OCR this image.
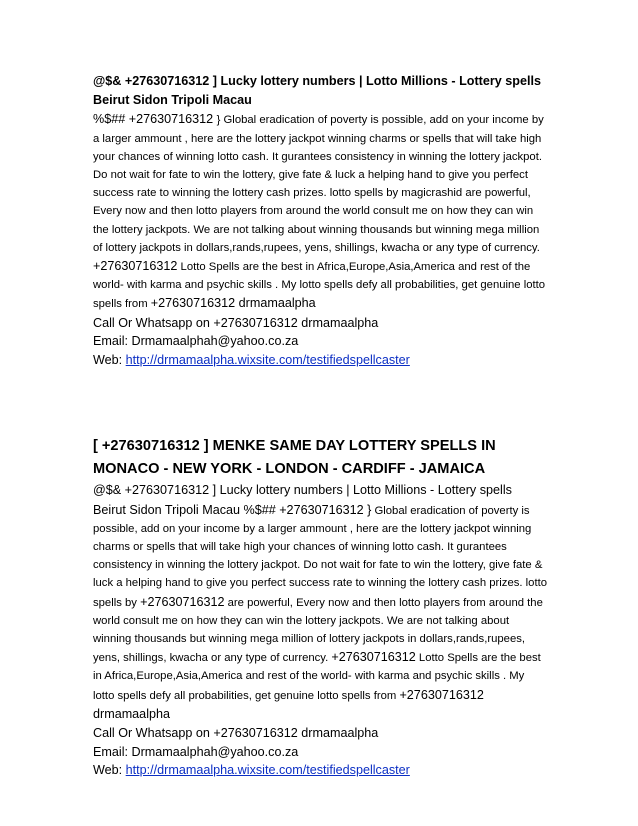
@$& +27630716312 ] Lucky lottery numbers | Lotto Millions - Lottery spells Beirut Sidon Tripoli Macau
%$## +27630716312 } Global eradication of poverty is possible, add on your income by a larger ammount , here are the lottery jackpot winning charms or spells that will take high your chances of winning lotto cash. It gurantees consistency in winning the lottery jackpot. Do not wait for fate to win the lottery, give fate & luck a helping hand to give you perfect success rate to winning the lottery cash prizes. lotto spells by magicrashid are powerful, Every now and then lotto players from around the world consult me on how they can win the lottery jackpots. We are not talking about winning thousands but winning mega million of lottery jackpots in dollars,rands,rupees, yens, shillings, kwacha or any type of currency. +27630716312 Lotto Spells are the best in Africa,Europe,Asia,America and rest of the world- with karma and psychic skills . My lotto spells defy all probabilities, get genuine lotto spells from +27630716312 drmamaalpha

Call Or Whatsapp on +27630716312 drmamaalpha

Email: Drmamaalphah@yahoo.co.za

Web: http://drmamaalpha.wixsite.com/testifiedspellcaster

[ +27630716312 ] MENKE SAME DAY LOTTERY SPELLS IN MONACO - NEW YORK - LONDON - CARDIFF - JAMAICA

@$& +27630716312 ] Lucky lottery numbers | Lotto Millions - Lottery spells Beirut Sidon Tripoli Macau %$## +27630716312 } Global eradication of poverty is possible, add on your income by a larger ammount , here are the lottery jackpot winning charms or spells that will take high your chances of winning lotto cash. It gurantees consistency in winning the lottery jackpot. Do not wait for fate to win the lottery, give fate & luck a helping hand to give you perfect success rate to winning the lottery cash prizes. lotto spells by +27630716312 are powerful, Every now and then lotto players from around the world consult me on how they can win the lottery jackpots. We are not talking about winning thousands but winning mega million of lottery jackpots in dollars,rands,rupees, yens, shillings, kwacha or any type of currency. +27630716312 Lotto Spells are the best in Africa,Europe,Asia,America and rest of the world- with karma and psychic skills . My lotto spells defy all probabilities, get genuine lotto spells from +27630716312 drmamaalpha

Call Or Whatsapp on +27630716312 drmamaalpha

Email: Drmamaalphah@yahoo.co.za

Web: http://drmamaalpha.wixsite.com/testifiedspellcaster
